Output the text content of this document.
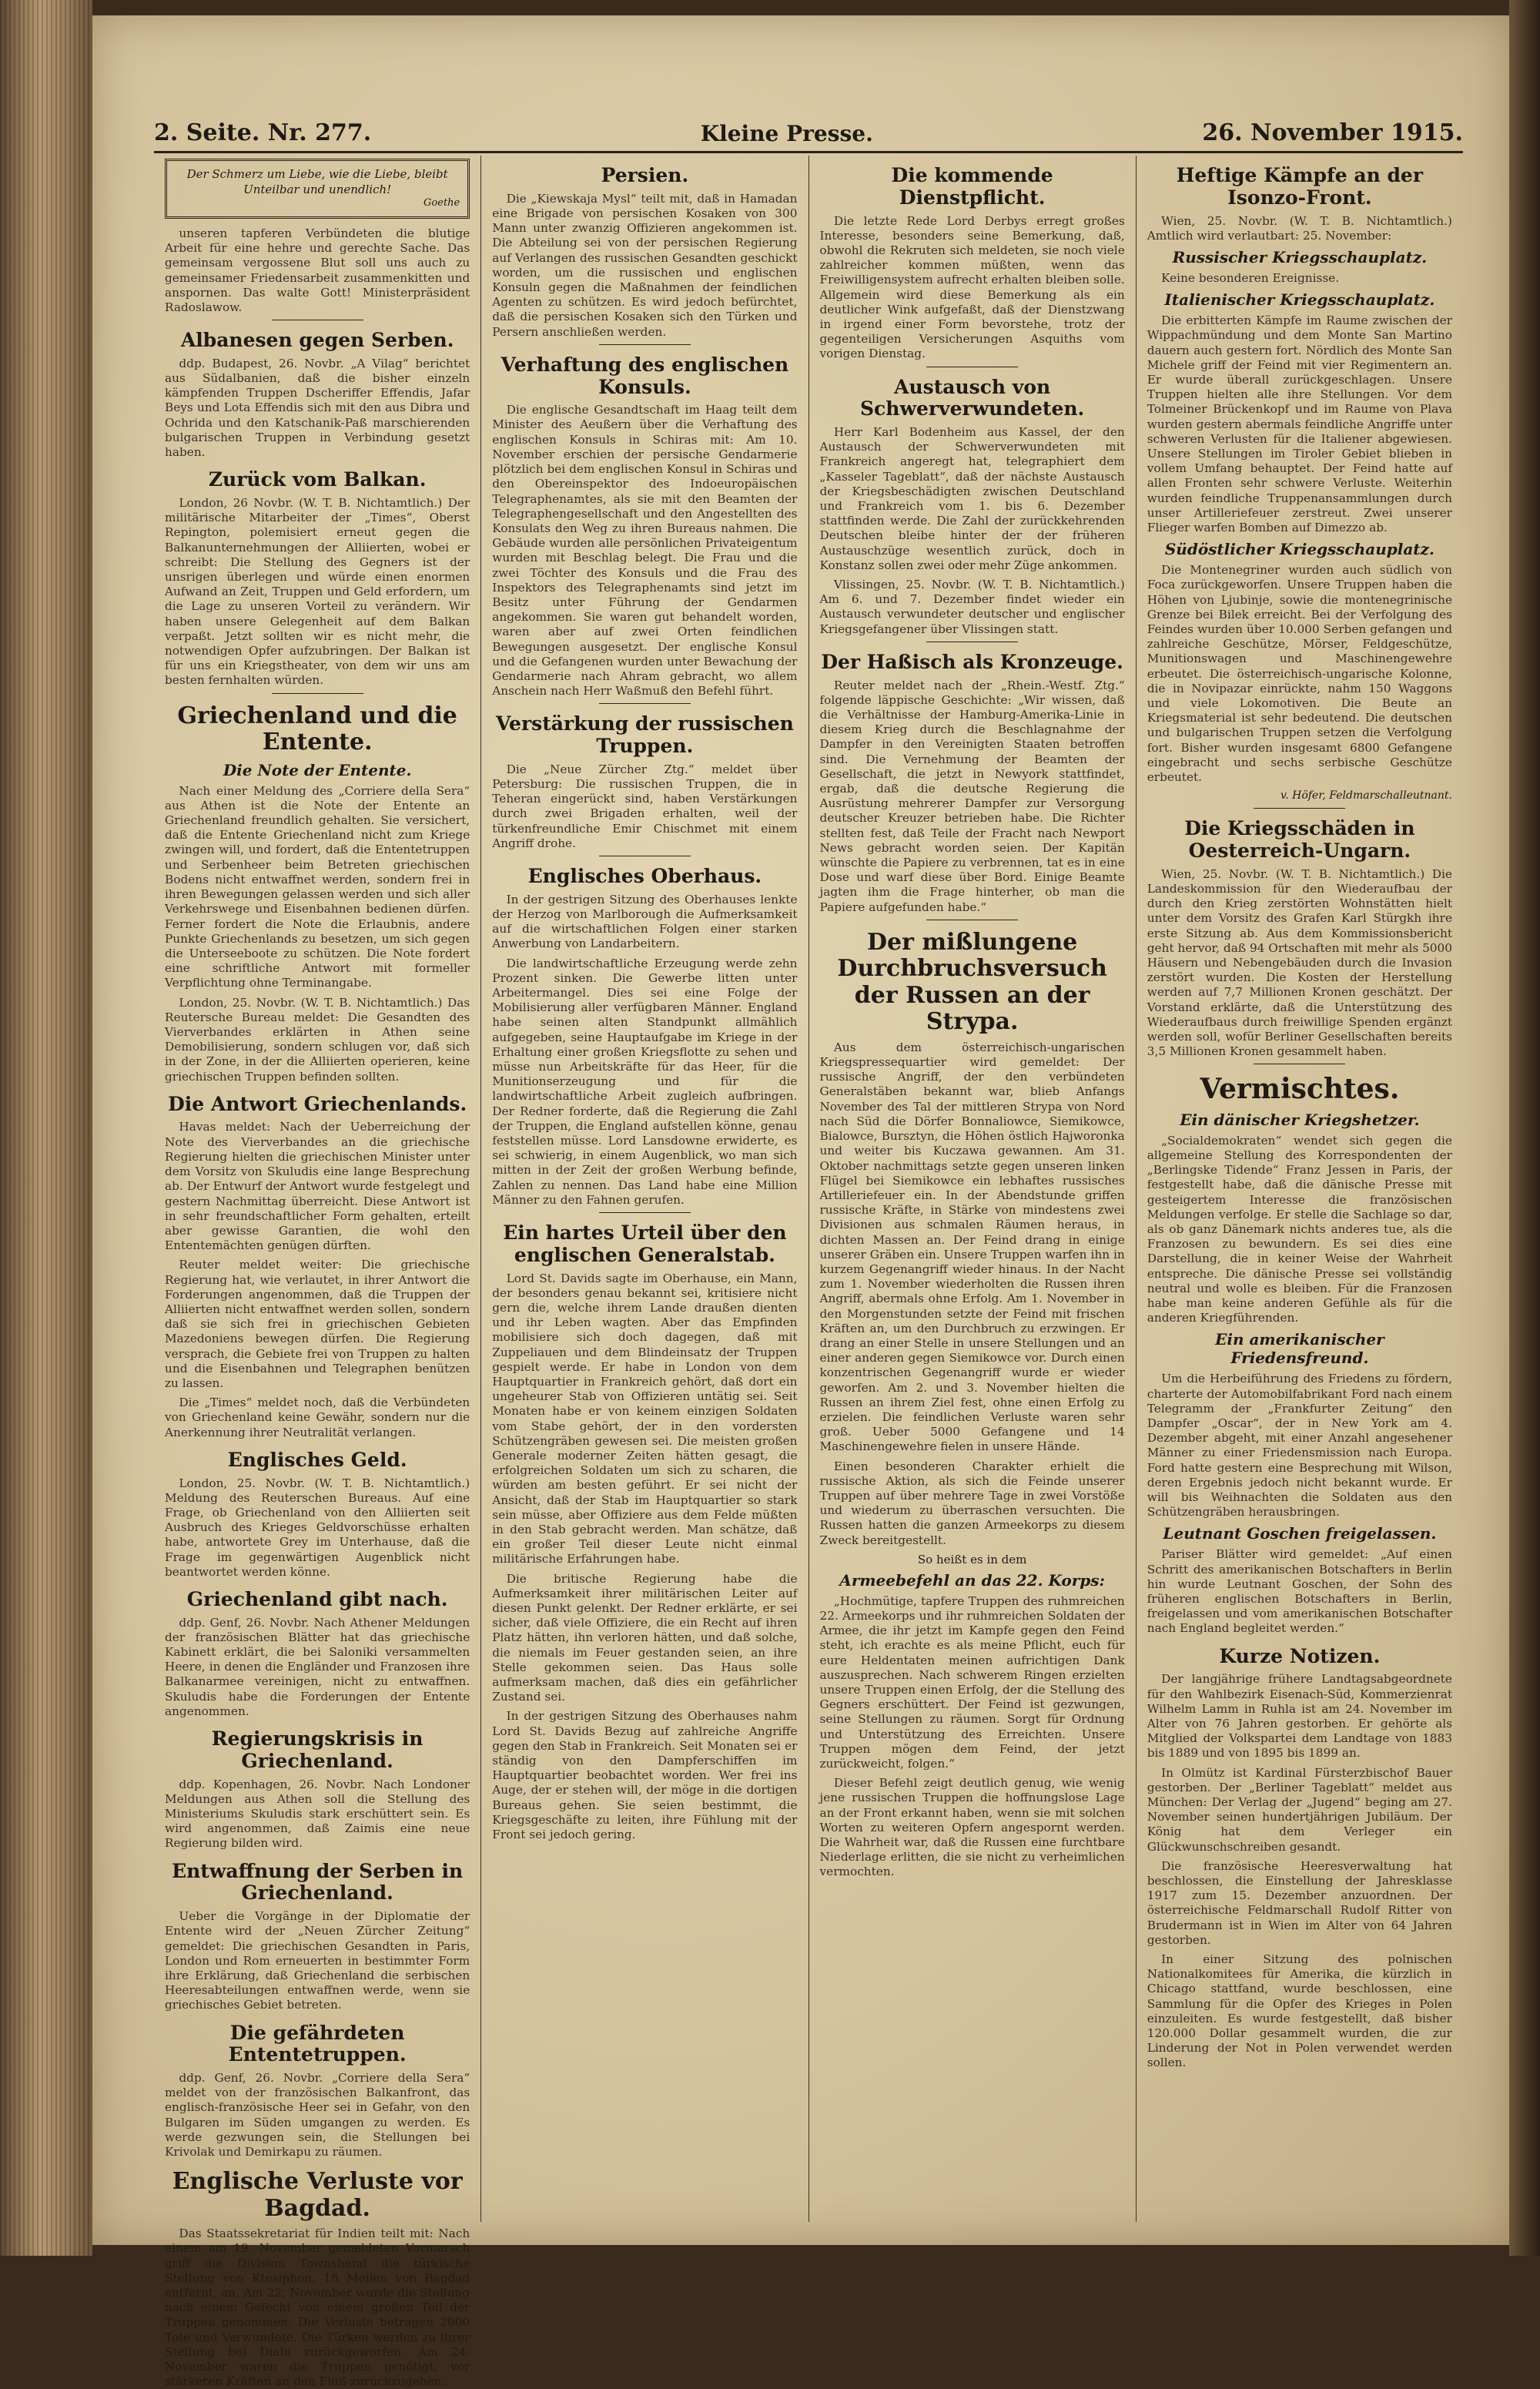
2. Seite. Nr. 277.	Kleine Presse.	26. November 1915.
Der Schmerz um Liebe, wie die Liebe, bleibt Unteilbar und unendlich!
Goethe

unseren tapferen Verbündeten die blutige Arbeit für eine hehre und gerechte Sache. Das gemeinsam vergossene Blut soll uns auch zu gemeinsamer Friedensarbeit zusammenkitten und anspornen. Das walte Gott! Ministerpräsident Radoslawow.

Albanesen gegen Serben.

ddp. Budapest, 26. Novbr. „A Vilag“ berichtet aus Südalbanien, daß die bisher einzeln kämpfenden Truppen Dscheriffer Effendis, Jafar Beys und Lota Effendis sich mit den aus Dibra und Ochrida und den Katschanik-Paß marschierenden bulgarischen Truppen in Verbindung gesetzt haben.

Zurück vom Balkan.

London, 26 Novbr. (W. T. B. Nichtamtlich.) Der militärische Mitarbeiter der „Times“, Oberst Repington, polemisiert erneut gegen die Balkanunternehmungen der Alliierten, wobei er schreibt: Die Stellung des Gegners ist der unsrigen überlegen und würde einen enormen Aufwand an Zeit, Truppen und Geld erfordern, um die Lage zu unseren Vorteil zu verändern. Wir haben unsere Gelegenheit auf dem Balkan verpaßt. Jetzt sollten wir es nicht mehr, die notwendigen Opfer aufzubringen. Der Balkan ist für uns ein Kriegstheater, von dem wir uns am besten fernhalten würden.

Griechenland und die Entente.
Die Note der Entente.

Nach einer Meldung des „Corriere della Sera“ aus Athen ist die Note der Entente an Griechenland freundlich gehalten. Sie versichert, daß die Entente Griechenland nicht zum Kriege zwingen will, und fordert, daß die Ententetruppen und Serbenheer beim Betreten griechischen Bodens nicht entwaffnet werden, sondern frei in ihren Bewegungen gelassen werden und sich aller Verkehrswege und Eisenbahnen bedienen dürfen. Ferner fordert die Note die Erlaubnis, andere Punkte Griechenlands zu besetzen, um sich gegen die Unterseeboote zu schützen. Die Note fordert eine schriftliche Antwort mit formeller Verpflichtung ohne Terminangabe.

London, 25. Novbr. (W. T. B. Nichtamtlich.) Das Reutersche Bureau meldet: Die Gesandten des Vierverbandes erklärten in Athen seine Demobilisierung, sondern schlugen vor, daß sich in der Zone, in der die Alliierten operieren, keine griechischen Truppen befinden sollten.

Die Antwort Griechenlands.

Havas meldet: Nach der Ueberreichung der Note des Vierverbandes an die griechische Regierung hielten die griechischen Minister unter dem Vorsitz von Skuludis eine lange Besprechung ab. Der Entwurf der Antwort wurde festgelegt und gestern Nachmittag überreicht. Diese Antwort ist in sehr freundschaftlicher Form gehalten, erteilt aber gewisse Garantien, die wohl den Ententemächten genügen dürften.

Reuter meldet weiter: Die griechische Regierung hat, wie verlautet, in ihrer Antwort die Forderungen angenommen, daß die Truppen der Alliierten nicht entwaffnet werden sollen, sondern daß sie sich frei in griechischen Gebieten Mazedoniens bewegen dürfen. Die Regierung versprach, die Gebiete frei von Truppen zu halten und die Eisenbahnen und Telegraphen benützen zu lassen.

Die „Times“ meldet noch, daß die Verbündeten von Griechenland keine Gewähr, sondern nur die Anerkennung ihrer Neutralität verlangen.

Englisches Geld.

London, 25. Novbr. (W. T. B. Nichtamtlich.) Meldung des Reuterschen Bureaus. Auf eine Frage, ob Griechenland von den Alliierten seit Ausbruch des Krieges Geldvorschüsse erhalten habe, antwortete Grey im Unterhause, daß die Frage im gegenwärtigen Augenblick nicht beantwortet werden könne.

Griechenland gibt nach.

ddp. Genf, 26. Novbr. Nach Athener Meldungen der französischen Blätter hat das griechische Kabinett erklärt, die bei Saloniki versammelten Heere, in denen die Engländer und Franzosen ihre Balkanarmee vereinigen, nicht zu entwaffnen. Skuludis habe die Forderungen der Entente angenommen.

Regierungskrisis in Griechenland.

ddp. Kopenhagen, 26. Novbr. Nach Londoner Meldungen aus Athen soll die Stellung des Ministeriums Skuludis stark erschüttert sein. Es wird angenommen, daß Zaimis eine neue Regierung bilden wird.

Entwaffnung der Serben in Griechenland.

Ueber die Vorgänge in der Diplomatie der Entente wird der „Neuen Zürcher Zeitung“ gemeldet: Die griechischen Gesandten in Paris, London und Rom erneuerten in bestimmter Form ihre Erklärung, daß Griechenland die serbischen Heeresabteilungen entwaffnen werde, wenn sie griechisches Gebiet betreten.

Die gefährdeten Ententetruppen.

ddp. Genf, 26. Novbr. „Corriere della Sera“ meldet von der französischen Balkanfront, das englisch-französische Heer sei in Gefahr, von den Bulgaren im Süden umgangen zu werden. Es werde gezwungen sein, die Stellungen bei Krivolak und Demirkapu zu räumen.

Englische Verluste vor Bagdad.

Das Staatssekretariat für Indien teilt mit: Nach einem am 19. November gemeldeten Vormarsch griff die Division Townshend die türkische Stellung von Ktesiphon, 18 Meilen von Bagdad entfernt, an. Am 22. November wurde die Stellung nach einem Gefecht von einem großen Teil der Truppen genommen. Die Verluste betragen 2000 Tote und Verwundete. Die Türken werden zu ihrer Stellung bei Diala zurückgeworfen. Am 24. November waren die Truppen genötigt, vor stärkeren Kräften an den Fluß zurückzugehen.

Persien.

Die „Kiewskaja Mysl“ teilt mit, daß in Hamadan eine Brigade von persischen Kosaken von 300 Mann unter zwanzig Offizieren angekommen ist. Die Abteilung sei von der persischen Regierung auf Verlangen des russischen Gesandten geschickt worden, um die russischen und englischen Konsuln gegen die Maßnahmen der feindlichen Agenten zu schützen. Es wird jedoch befürchtet, daß die persischen Kosaken sich den Türken und Persern anschließen werden.

Verhaftung des englischen Konsuls.

Die englische Gesandtschaft im Haag teilt dem Minister des Aeußern über die Verhaftung des englischen Konsuls in Schiras mit: Am 10. November erschien der persische Gendarmerie plötzlich bei dem englischen Konsul in Schiras und den Obereinspektor des Indoeuropäischen Telegraphenamtes, als sie mit den Beamten der Telegraphengesellschaft und den Angestellten des Konsulats den Weg zu ihren Bureaus nahmen. Die Gebäude wurden alle persönlichen Privateigentum wurden mit Beschlag belegt. Die Frau und die zwei Töchter des Konsuls und die Frau des Inspektors des Telegraphenamts sind jetzt im Besitz unter Führung der Gendarmen angekommen. Sie waren gut behandelt worden, waren aber auf zwei Orten feindlichen Bewegungen ausgesetzt. Der englische Konsul und die Gefangenen wurden unter Bewachung der Gendarmerie nach Ahram gebracht, wo allem Anschein nach Herr Waßmuß den Befehl führt.

Verstärkung der russischen Truppen.

Die „Neue Zürcher Ztg.“ meldet über Petersburg: Die russischen Truppen, die in Teheran eingerückt sind, haben Verstärkungen durch zwei Brigaden erhalten, weil der türkenfreundliche Emir Chischmet mit einem Angriff drohe.

Englisches Oberhaus.

In der gestrigen Sitzung des Oberhauses lenkte der Herzog von Marlborough die Aufmerksamkeit auf die wirtschaftlichen Folgen einer starken Anwerbung von Landarbeitern.

Die landwirtschaftliche Erzeugung werde zehn Prozent sinken. Die Gewerbe litten unter Arbeitermangel. Dies sei eine Folge der Mobilisierung aller verfügbaren Männer. England habe seinen alten Standpunkt allmählich aufgegeben, seine Hauptaufgabe im Kriege in der Erhaltung einer großen Kriegsflotte zu sehen und müsse nun Arbeitskräfte für das Heer, für die Munitionserzeugung und für die landwirtschaftliche Arbeit zugleich aufbringen. Der Redner forderte, daß die Regierung die Zahl der Truppen, die England aufstellen könne, genau feststellen müsse. Lord Lansdowne erwiderte, es sei schwierig, in einem Augenblick, wo man sich mitten in der Zeit der großen Werbung befinde, Zahlen zu nennen. Das Land habe eine Million Männer zu den Fahnen gerufen.

Ein hartes Urteil über den englischen Generalstab.

Lord St. Davids sagte im Oberhause, ein Mann, der besonders genau bekannt sei, kritisiere nicht gern die, welche ihrem Lande draußen dienten und ihr Leben wagten. Aber das Empfinden mobilisiere sich doch dagegen, daß mit Zuppeliauen und dem Blindeinsatz der Truppen gespielt werde. Er habe in London von dem Hauptquartier in Frankreich gehört, daß dort ein ungeheurer Stab von Offizieren untätig sei. Seit Monaten habe er von keinem einzigen Soldaten vom Stabe gehört, der in den vordersten Schützengräben gewesen sei. Die meisten großen Generale moderner Zeiten hätten gesagt, die erfolgreichen Soldaten um sich zu scharen, die würden am besten geführt. Er sei nicht der Ansicht, daß der Stab im Hauptquartier so stark sein müsse, aber Offiziere aus dem Felde müßten in den Stab gebracht werden. Man schätze, daß ein großer Teil dieser Leute nicht einmal militärische Erfahrungen habe.

Die britische Regierung habe die Aufmerksamkeit ihrer militärischen Leiter auf diesen Punkt gelenkt. Der Redner erklärte, er sei sicher, daß viele Offiziere, die ein Recht auf ihren Platz hätten, ihn verloren hätten, und daß solche, die niemals im Feuer gestanden seien, an ihre Stelle gekommen seien. Das Haus solle aufmerksam machen, daß dies ein gefährlicher Zustand sei.

In der gestrigen Sitzung des Oberhauses nahm Lord St. Davids Bezug auf zahlreiche Angriffe gegen den Stab in Frankreich. Seit Monaten sei er ständig von den Dampferschiffen im Hauptquartier beobachtet worden. Wer frei ins Auge, der er stehen will, der möge in die dortigen Bureaus gehen. Sie seien bestimmt, die Kriegsgeschäfte zu leiten, ihre Fühlung mit der Front sei jedoch gering.

Die kommende Dienstpflicht.

Die letzte Rede Lord Derbys erregt großes Interesse, besonders seine Bemerkung, daß, obwohl die Rekruten sich meldeten, sie noch viele zahlreicher kommen müßten, wenn das Freiwilligensystem aufrecht erhalten bleiben solle. Allgemein wird diese Bemerkung als ein deutlicher Wink aufgefaßt, daß der Dienstzwang in irgend einer Form bevorstehe, trotz der gegenteiligen Versicherungen Asquiths vom vorigen Dienstag.

Austausch von Schwerverwundeten.

Herr Karl Bodenheim aus Kassel, der den Austausch der Schwerverwundeten mit Frankreich angeregt hat, telegraphiert dem „Kasseler Tageblatt“, daß der nächste Austausch der Kriegsbeschädigten zwischen Deutschland und Frankreich vom 1. bis 6. Dezember stattfinden werde. Die Zahl der zurückkehrenden Deutschen bleibe hinter der der früheren Austauschzüge wesentlich zurück, doch in Konstanz sollen zwei oder mehr Züge ankommen.

Vlissingen, 25. Novbr. (W. T. B. Nichtamtlich.) Am 6. und 7. Dezember findet wieder ein Austausch verwundeter deutscher und englischer Kriegsgefangener über Vlissingen statt.

Der Haßisch als Kronzeuge.

Reuter meldet nach der „Rhein.-Westf. Ztg.“ folgende läppische Geschichte: „Wir wissen, daß die Verhältnisse der Hamburg-Amerika-Linie in diesem Krieg durch die Beschlagnahme der Dampfer in den Vereinigten Staaten betroffen sind. Die Vernehmung der Beamten der Gesellschaft, die jetzt in Newyork stattfindet, ergab, daß die deutsche Regierung die Ausrüstung mehrerer Dampfer zur Versorgung deutscher Kreuzer betrieben habe. Die Richter stellten fest, daß Teile der Fracht nach Newport News gebracht worden seien. Der Kapitän wünschte die Papiere zu verbrennen, tat es in eine Dose und warf diese über Bord. Einige Beamte jagten ihm die Frage hinterher, ob man die Papiere aufgefunden habe.“

Der mißlungene Durchbruchsversuch der Russen an der Strypa.

Aus dem österreichisch-ungarischen Kriegspressequartier wird gemeldet: Der russische Angriff, der den verbündeten Generalstäben bekannt war, blieb Anfangs November des Tal der mittleren Strypa von Nord nach Süd die Dörfer Bonnaliowce, Siemikowce, Bialowce, Bursztyn, die Höhen östlich Hajworonka und weiter bis Kuczawa gewannen. Am 31. Oktober nachmittags setzte gegen unseren linken Flügel bei Siemikowce ein lebhaftes russisches Artilleriefeuer ein. In der Abendstunde griffen russische Kräfte, in Stärke von mindestens zwei Divisionen aus schmalen Räumen heraus, in dichten Massen an. Der Feind drang in einige unserer Gräben ein. Unsere Truppen warfen ihn in kurzem Gegenangriff wieder hinaus. In der Nacht zum 1. November wiederholten die Russen ihren Angriff, abermals ohne Erfolg. Am 1. November in den Morgenstunden setzte der Feind mit frischen Kräften an, um den Durchbruch zu erzwingen. Er drang an einer Stelle in unsere Stellungen und an einer anderen gegen Siemikowce vor. Durch einen konzentrischen Gegenangriff wurde er wieder geworfen. Am 2. und 3. November hielten die Russen an ihrem Ziel fest, ohne einen Erfolg zu erzielen. Die feindlichen Verluste waren sehr groß. Ueber 5000 Gefangene und 14 Maschinengewehre fielen in unsere Hände.

Einen besonderen Charakter erhielt die russische Aktion, als sich die Feinde unserer Truppen auf über mehrere Tage in zwei Vorstöße und wiederum zu überraschen versuchten. Die Russen hatten die ganzen Armeekorps zu diesem Zweck bereitgestellt.

So heißt es in dem
Armeebefehl an das 22. Korps:

„Hochmütige, tapfere Truppen des ruhmreichen 22. Armeekorps und ihr ruhmreichen Soldaten der Armee, die ihr jetzt im Kampfe gegen den Feind steht, ich erachte es als meine Pflicht, euch für eure Heldentaten meinen aufrichtigen Dank auszusprechen. Nach schwerem Ringen erzielten unsere Truppen einen Erfolg, der die Stellung des Gegners erschüttert. Der Feind ist gezwungen, seine Stellungen zu räumen. Sorgt für Ordnung und Unterstützung des Erreichten. Unsere Truppen mögen dem Feind, der jetzt zurückweicht, folgen.“

Dieser Befehl zeigt deutlich genug, wie wenig jene russischen Truppen die hoffnungslose Lage an der Front erkannt haben, wenn sie mit solchen Worten zu weiteren Opfern angespornt werden. Die Wahrheit war, daß die Russen eine furchtbare Niederlage erlitten, die sie nicht zu verheimlichen vermochten.

Heftige Kämpfe an der Isonzo-Front.

Wien, 25. Novbr. (W. T. B. Nichtamtlich.) Amtlich wird verlautbart: 25. November:

Russischer Kriegsschauplatz.

Keine besonderen Ereignisse.

Italienischer Kriegsschauplatz.

Die erbitterten Kämpfe im Raume zwischen der Wippachmündung und dem Monte San Martino dauern auch gestern fort. Nördlich des Monte San Michele griff der Feind mit vier Regimentern an. Er wurde überall zurückgeschlagen. Unsere Truppen hielten alle ihre Stellungen. Vor dem Tolmeiner Brückenkopf und im Raume von Plava wurden gestern abermals feindliche Angriffe unter schweren Verlusten für die Italiener abgewiesen. Unsere Stellungen im Tiroler Gebiet blieben in vollem Umfang behauptet. Der Feind hatte auf allen Fronten sehr schwere Verluste. Weiterhin wurden feindliche Truppenansammlungen durch unser Artilleriefeuer zerstreut. Zwei unserer Flieger warfen Bomben auf Dimezzo ab.

Südöstlicher Kriegsschauplatz.

Die Montenegriner wurden auch südlich von Foca zurückgeworfen. Unsere Truppen haben die Höhen von Ljubinje, sowie die montenegrinische Grenze bei Bilek erreicht. Bei der Verfolgung des Feindes wurden über 10.000 Serben gefangen und zahlreiche Geschütze, Mörser, Feldgeschütze, Munitionswagen und Maschinengewehre erbeutet. Die österreichisch-ungarische Kolonne, die in Novipazar einrückte, nahm 150 Waggons und viele Lokomotiven. Die Beute an Kriegsmaterial ist sehr bedeutend. Die deutschen und bulgarischen Truppen setzen die Verfolgung fort. Bisher wurden insgesamt 6800 Gefangene eingebracht und sechs serbische Geschütze erbeutet.

v. Höfer, Feldmarschalleutnant.
Die Kriegsschäden in Oesterreich-Ungarn.

Wien, 25. Novbr. (W. T. B. Nichtamtlich.) Die Landeskommission für den Wiederaufbau der durch den Krieg zerstörten Wohnstätten hielt unter dem Vorsitz des Grafen Karl Stürgkh ihre erste Sitzung ab. Aus dem Kommissionsbericht geht hervor, daß 94 Ortschaften mit mehr als 5000 Häusern und Nebengebäuden durch die Invasion zerstört wurden. Die Kosten der Herstellung werden auf 7,7 Millionen Kronen geschätzt. Der Vorstand erklärte, daß die Unterstützung des Wiederaufbaus durch freiwillige Spenden ergänzt werden soll, wofür Berliner Gesellschaften bereits 3,5 Millionen Kronen gesammelt haben.

Vermischtes.
Ein dänischer Kriegshetzer.

„Socialdemokraten“ wendet sich gegen die allgemeine Stellung des Korrespondenten der „Berlingske Tidende“ Franz Jessen in Paris, der festgestellt habe, daß die dänische Presse mit gesteigertem Interesse die französischen Meldungen verfolge. Er stelle die Sachlage so dar, als ob ganz Dänemark nichts anderes tue, als die Franzosen zu bewundern. Es sei dies eine Darstellung, die in keiner Weise der Wahrheit entspreche. Die dänische Presse sei vollständig neutral und wolle es bleiben. Für die Franzosen habe man keine anderen Gefühle als für die anderen Kriegführenden.

Ein amerikanischer Friedensfreund.

Um die Herbeiführung des Friedens zu fördern, charterte der Automobilfabrikant Ford nach einem Telegramm der „Frankfurter Zeitung“ den Dampfer „Oscar“, der in New York am 4. Dezember abgeht, mit einer Anzahl angesehener Männer zu einer Friedensmission nach Europa. Ford hatte gestern eine Besprechung mit Wilson, deren Ergebnis jedoch nicht bekannt wurde. Er will bis Weihnachten die Soldaten aus den Schützengräben herausbringen.

Leutnant Goschen freigelassen.

Pariser Blätter wird gemeldet: „Auf einen Schritt des amerikanischen Botschafters in Berlin hin wurde Leutnant Goschen, der Sohn des früheren englischen Botschafters in Berlin, freigelassen und vom amerikanischen Botschafter nach England begleitet werden.“

Kurze Notizen.

Der langjährige frühere Landtagsabgeordnete für den Wahlbezirk Eisenach-Süd, Kommerzienrat Wilhelm Lamm in Ruhla ist am 24. November im Alter von 76 Jahren gestorben. Er gehörte als Mitglied der Volkspartei dem Landtage von 1883 bis 1889 und von 1895 bis 1899 an.

In Olmütz ist Kardinal Fürsterzbischof Bauer gestorben. Der „Berliner Tageblatt“ meldet aus München: Der Verlag der „Jugend“ beging am 27. November seinen hundertjährigen Jubiläum. Der König hat dem Verleger ein Glückwunschschreiben gesandt.

Die französische Heeresverwaltung hat beschlossen, die Einstellung der Jahresklasse 1917 zum 15. Dezember anzuordnen. Der österreichische Feldmarschall Rudolf Ritter von Brudermann ist in Wien im Alter von 64 Jahren gestorben.

In einer Sitzung des polnischen Nationalkomitees für Amerika, die kürzlich in Chicago stattfand, wurde beschlossen, eine Sammlung für die Opfer des Krieges in Polen einzuleiten. Es wurde festgestellt, daß bisher 120.000 Dollar gesammelt wurden, die zur Linderung der Not in Polen verwendet werden sollen.
